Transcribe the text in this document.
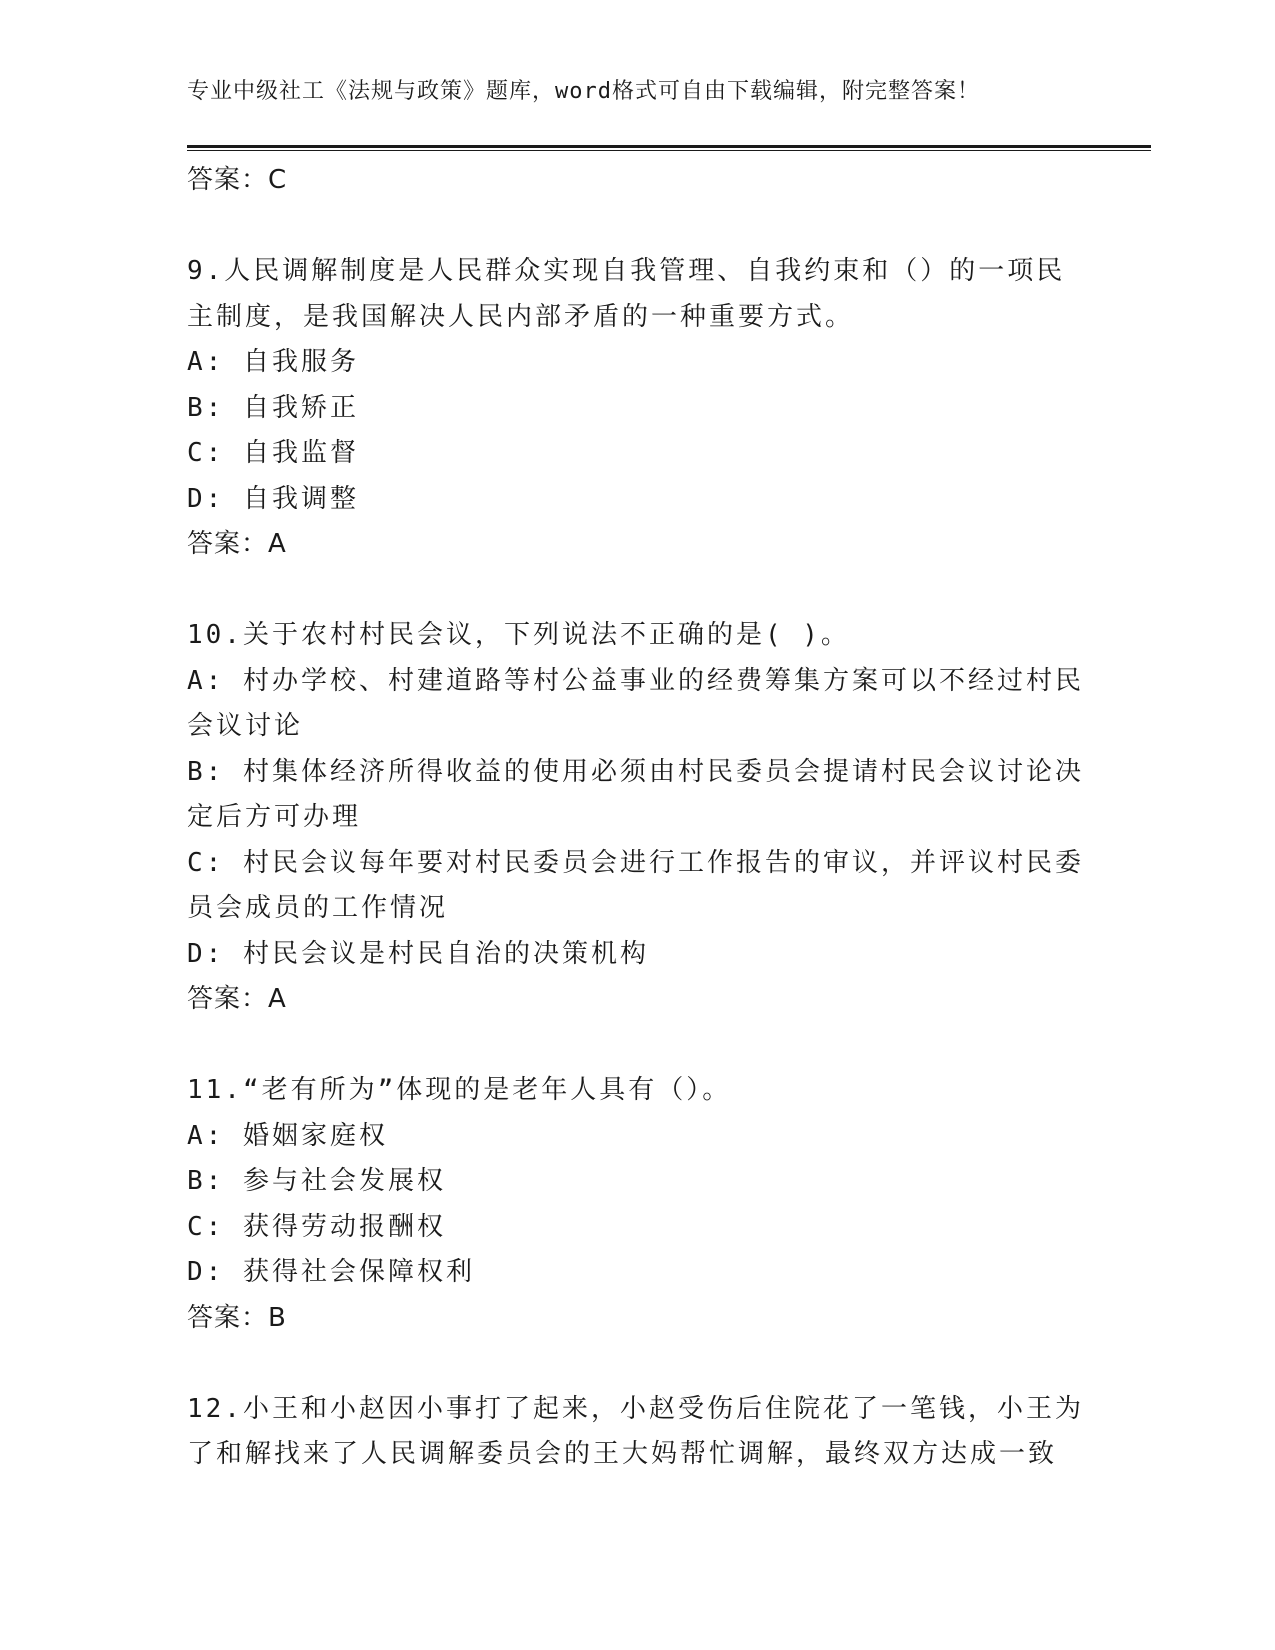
专业中级社工《法规与政策》题库，word格式可自由下载编辑，附完整答案！
答案：C
9.人民调解制度是人民群众实现自我管理、自我约束和（）的一项民
主制度，是我国解决人民内部矛盾的一种重要方式。
A: 自我服务
B: 自我矫正
C: 自我监督
D: 自我调整
答案：A
10.关于农村村民会议，下列说法不正确的是( )。
A: 村办学校、村建道路等村公益事业的经费筹集方案可以不经过村民
会议讨论
B: 村集体经济所得收益的使用必须由村民委员会提请村民会议讨论决
定后方可办理
C: 村民会议每年要对村民委员会进行工作报告的审议，并评议村民委
员会成员的工作情况
D: 村民会议是村民自治的决策机构
答案：A
11.“老有所为”体现的是老年人具有（）。
A: 婚姻家庭权
B: 参与社会发展权
C: 获得劳动报酬权
D: 获得社会保障权利
答案：B
12.小王和小赵因小事打了起来，小赵受伤后住院花了一笔钱，小王为
了和解找来了人民调解委员会的王大妈帮忙调解，最终双方达成一致
